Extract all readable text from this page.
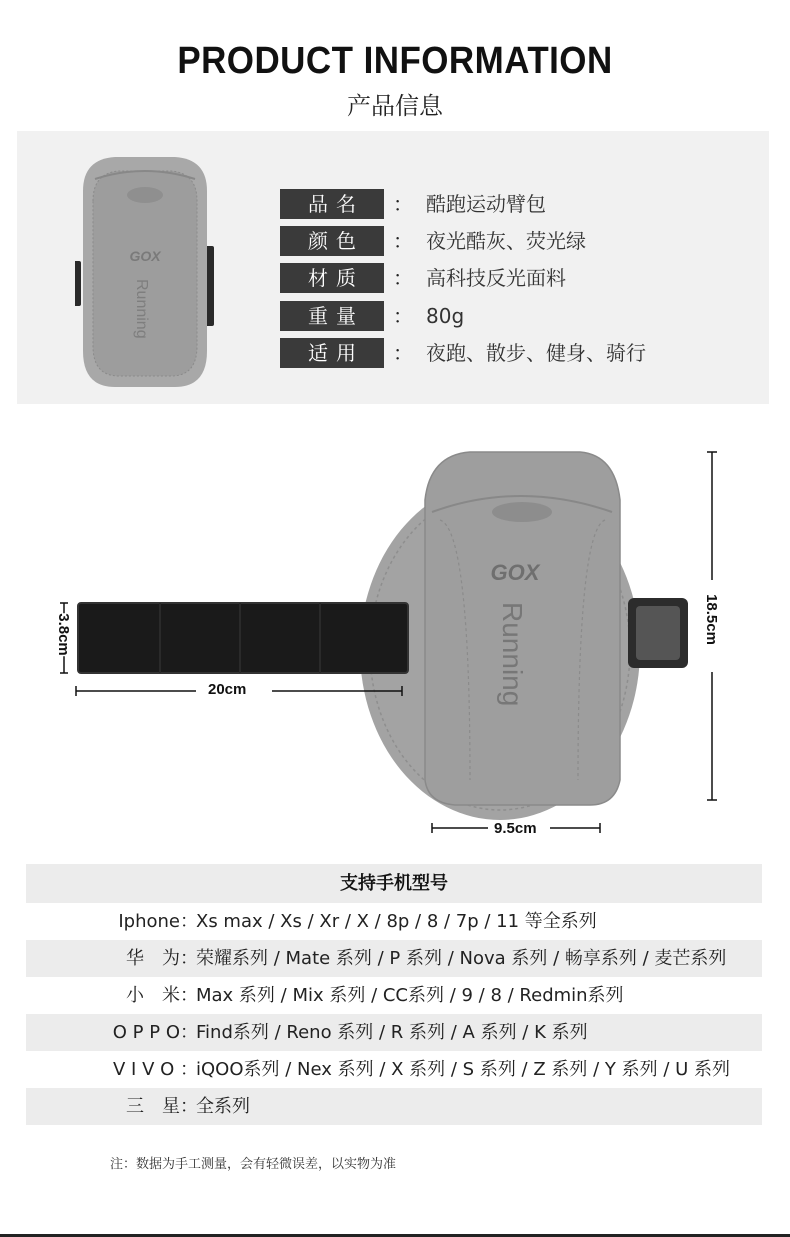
PRODUCT INFORMATION
产品信息
GOX
Running
品名	： 酷跑运动臂包
颜色	： 夜光酷灰、荧光绿
材质	： 高科技反光面料
重量	： 80g
适用	： 夜跑、散步、健身、骑行
GOX
Running
3.8cm
20cm
9.5cm
18.5cm
支持手机型号
Iphone：
Xs max / Xs / Xr / X / 8p / 8 / 7p / 11 等全系列
华　为：
荣耀系列 / Mate 系列 / P 系列 / Nova 系列 / 畅享系列 / 麦芒系列
小　米：
Max 系列 / Mix 系列 / CC系列 / 9 / 8 / Redmin系列
O P P O：
Find系列 / Reno 系列 / R 系列 / A 系列 / K 系列
V I V O ：
iQOO系列 / Nex 系列 / X 系列 / S 系列 / Z 系列 / Y 系列 / U 系列
三　星：
全系列
注：数据为手工测量，会有轻微误差，以实物为准
